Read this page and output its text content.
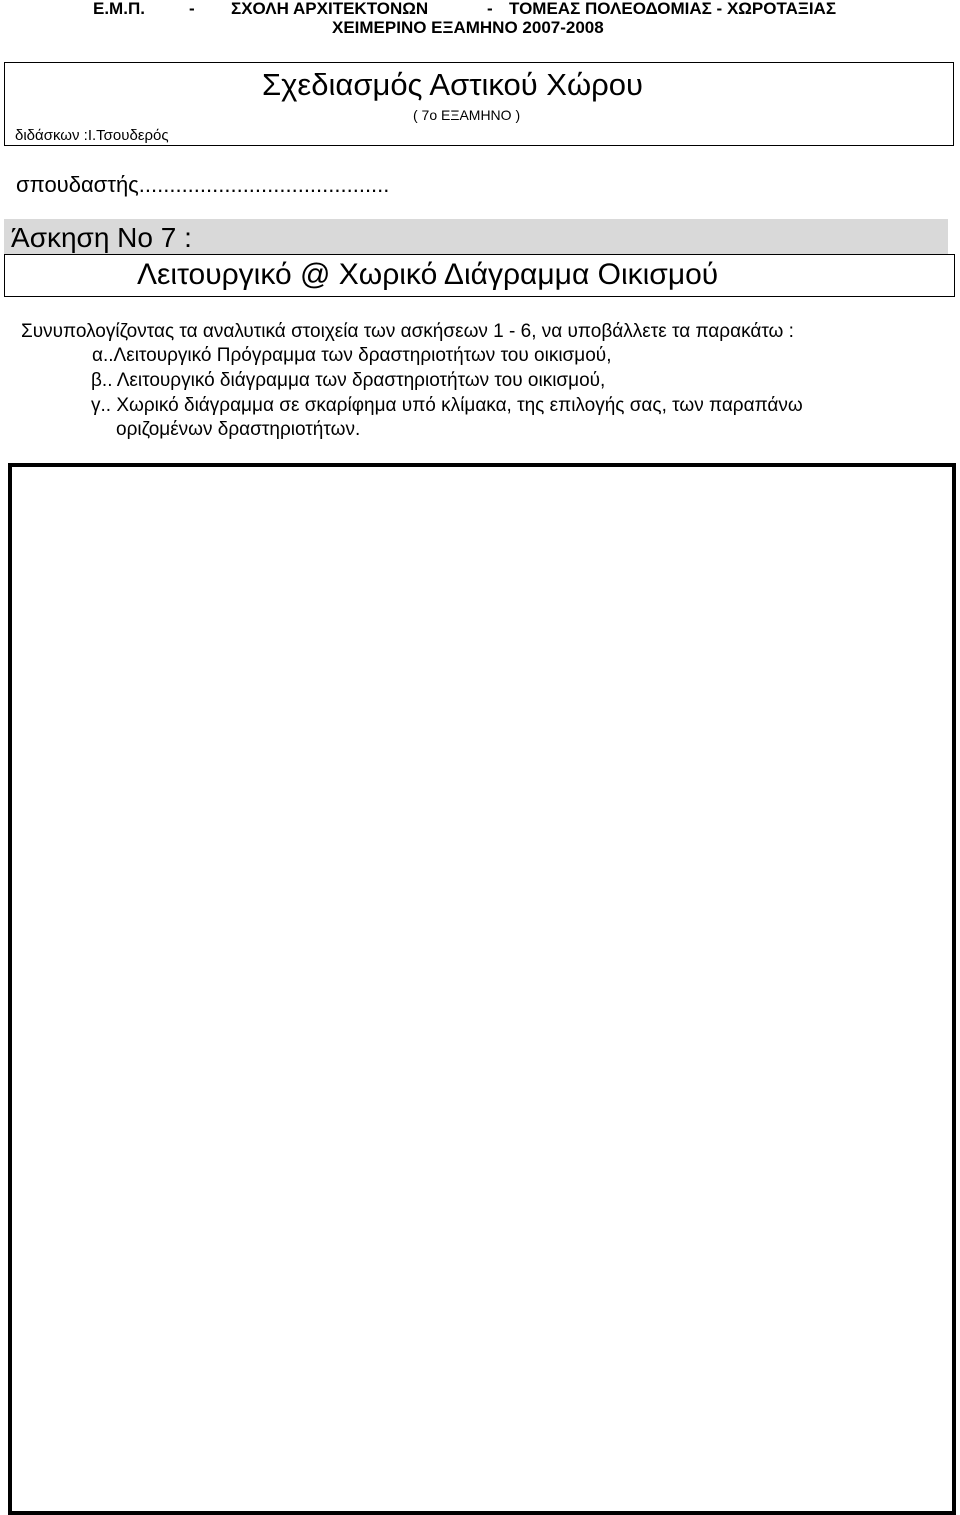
Ε.Μ.Π.	-	ΣΧΟΛΗ ΑΡΧΙΤΕΚΤΟΝΩΝ	- ΤΟΜΕΑΣ ΠΟΛΕΟΔΟΜΙΑΣ - ΧΩΡΟΤΑΞΙΑΣ
ΧΕΙΜΕΡΙΝΟ ΕΞΑΜΗΝΟ 2007-2008
Σχεδιασμός Αστικού Χώρου
( 7ο ΕΞΑΜΗΝΟ )
διδάσκων :Ι.Τσουδερός
σπουδαστής.........................................
Άσκηση Νο 7 :
Λειτουργικό @ Χωρικό Διάγραμμα Οικισμού
Συνυπολογίζοντας τα αναλυτικά στοιχεία των ασκήσεων 1 - 6, να υποβάλλετε τα παρακάτω :
α..Λειτουργικό Πρόγραμμα των δραστηριοτήτων του οικισμού,
β.. Λειτουργικό διάγραμμα των δραστηριοτήτων του οικισμού,
γ.. Χωρικό διάγραμμα σε σκαρίφημα υπό κλίμακα, της επιλογής σας, των παραπάνω
οριζομένων δραστηριοτήτων.
